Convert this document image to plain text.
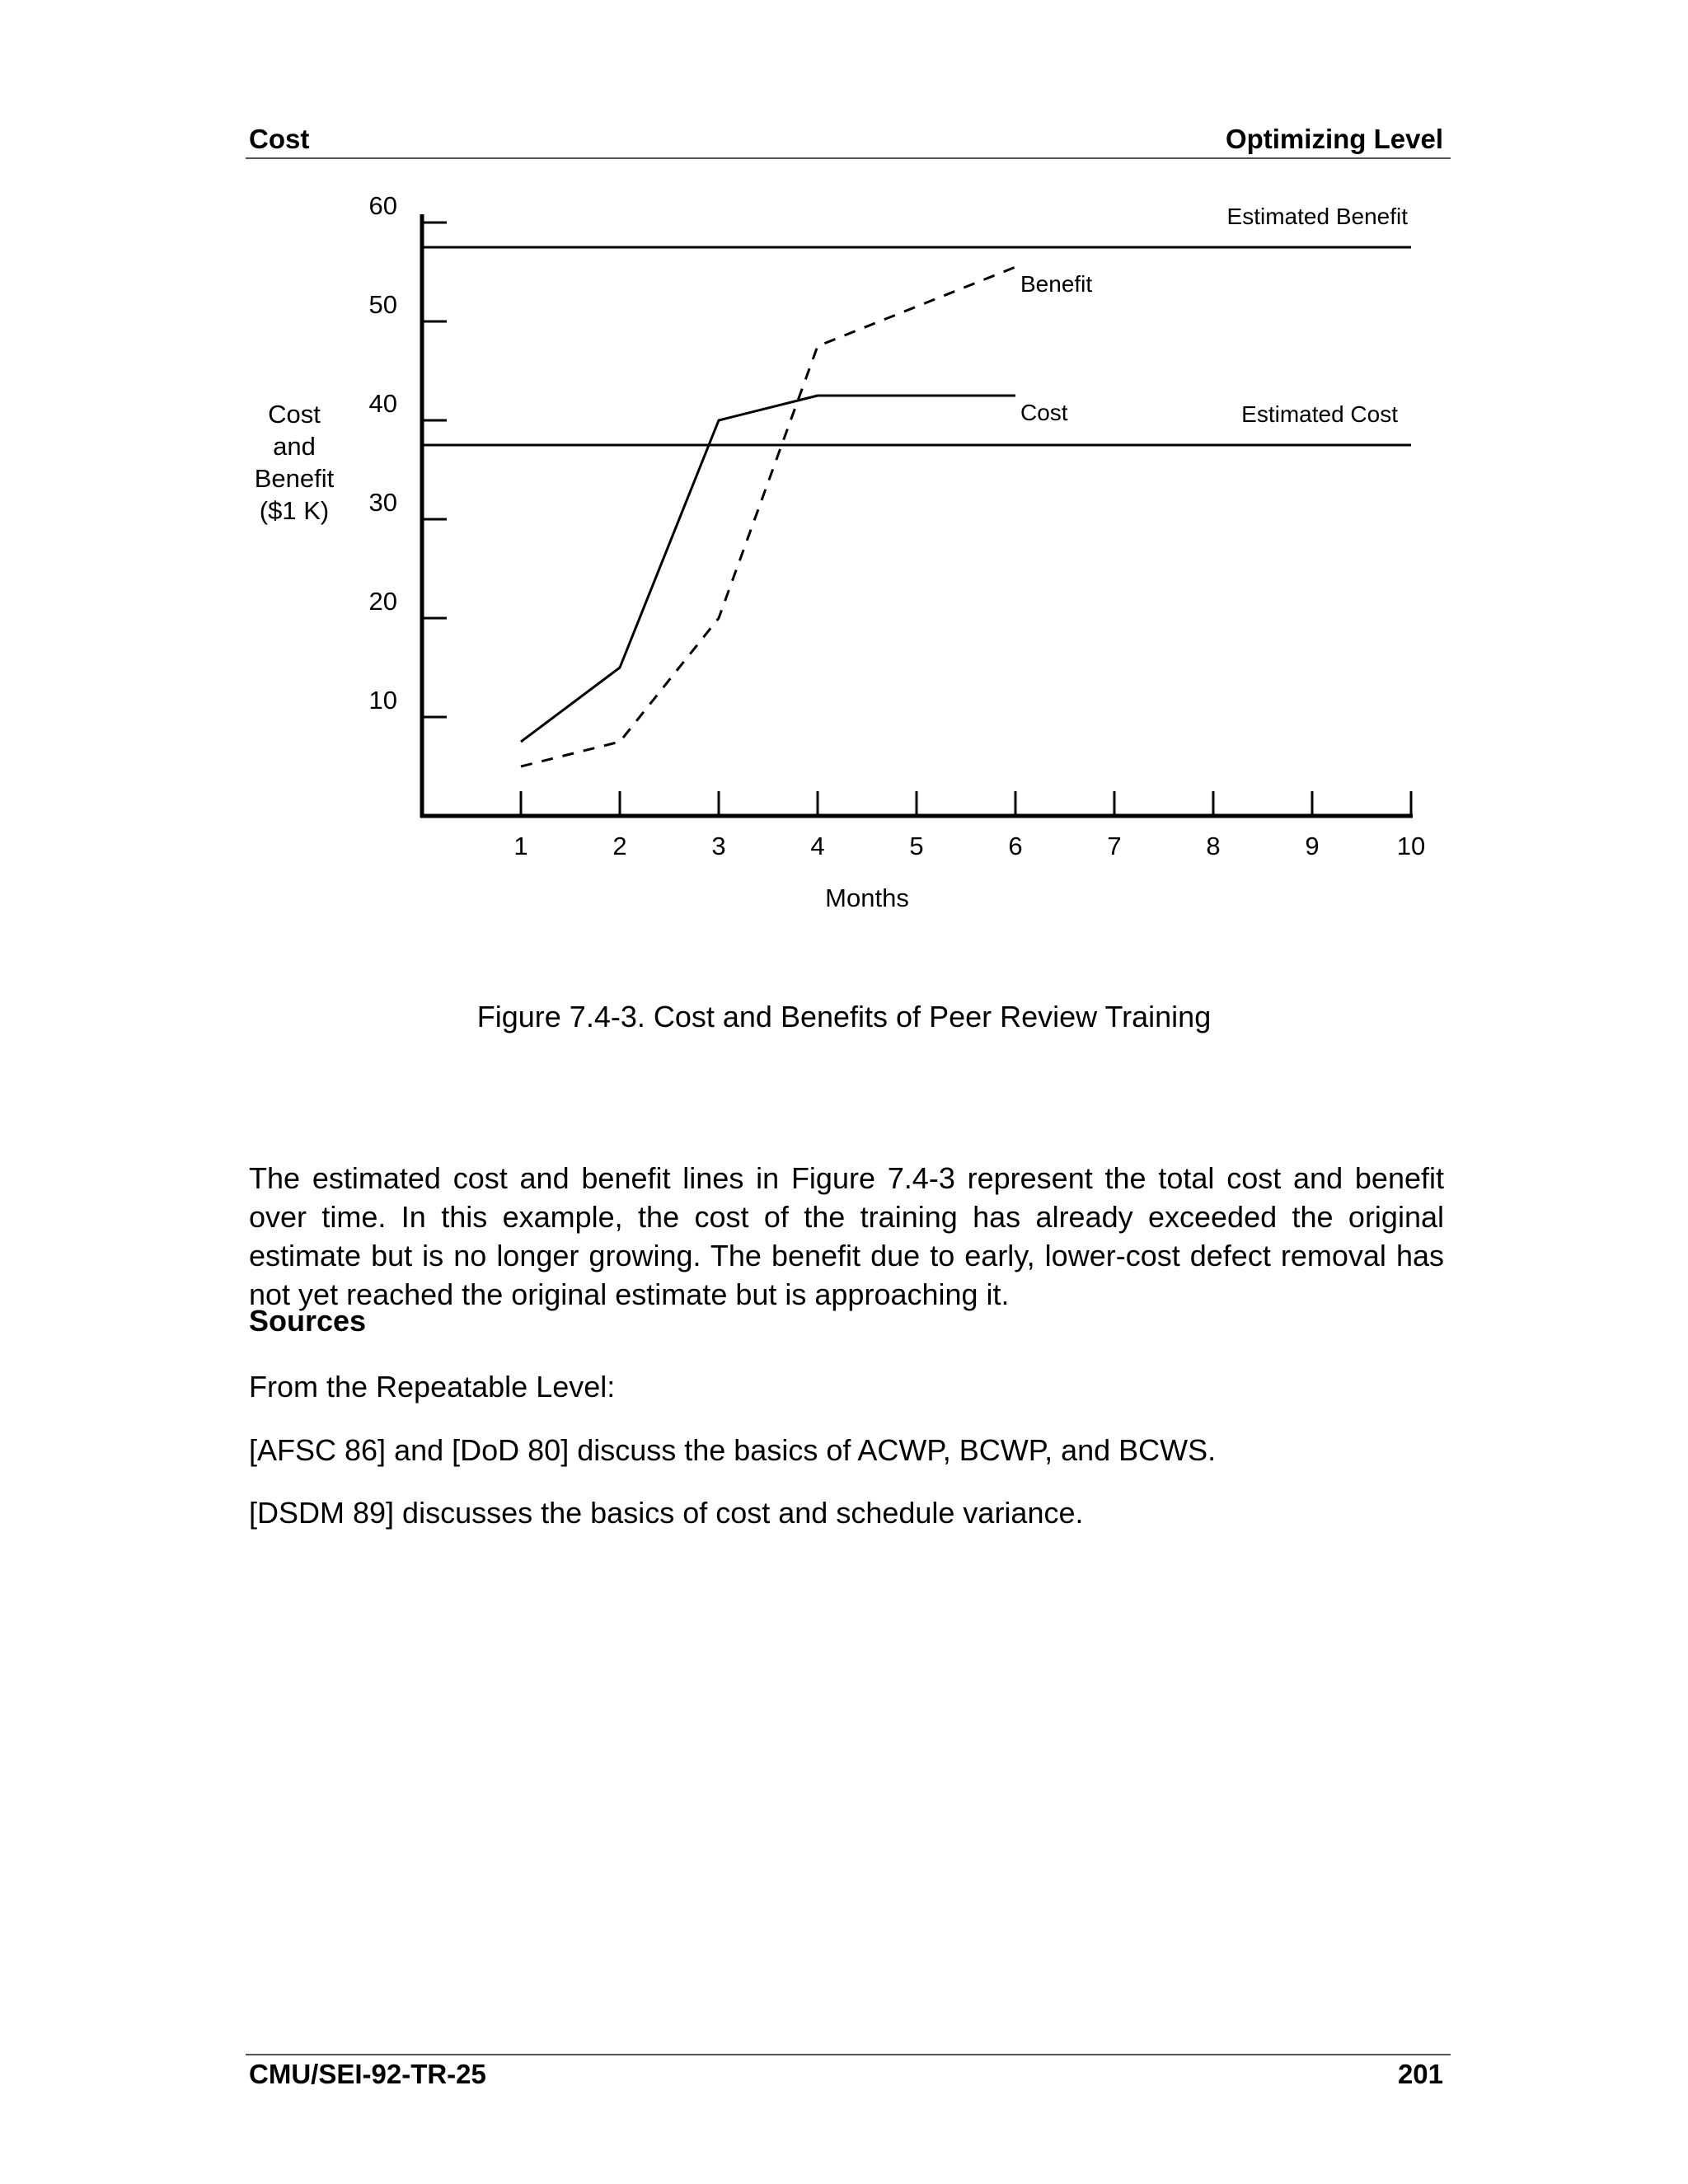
Cost	Optimizing Level
10
20
30
40
50
60
1	2	3	4	5	6	7	8	9	10
Months
Cost
and
Benefit
($1 K)
Estimated Benefit
Estimated Cost
Cost
Benefit
Figure 7.4-3. Cost and Benefits of Peer Review Training

The estimated cost and benefit lines in Figure 7.4-3 represent the total cost and benefit over time. In this example, the cost of the training has already exceeded the original estimate but is no longer growing. The benefit due to early, lower-cost defect removal has not yet reached the original estimate but is approaching it.

Sources
From the Repeatable Level:
[AFSC 86] and [DoD 80] discuss the basics of ACWP, BCWP, and BCWS.
[DSDM 89] discusses the basics of cost and schedule variance.
CMU/SEI-92-TR-25	201
